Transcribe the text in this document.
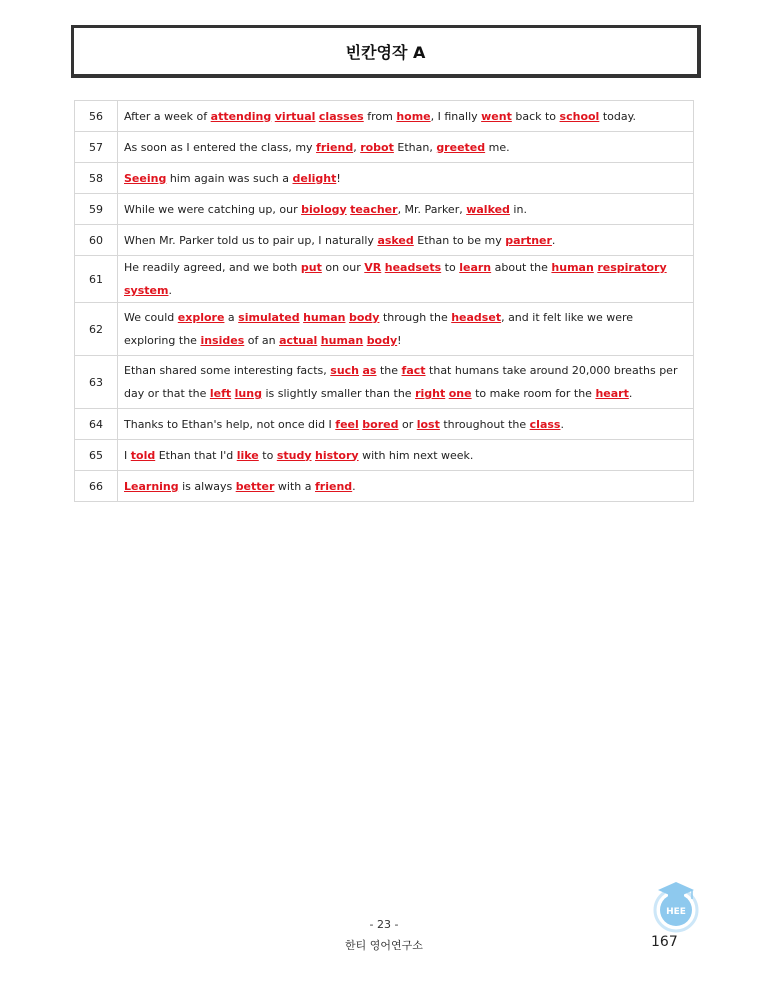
빈칸영작 A
56	After a week of attending virtual classes from home, I finally went back to school today.
57	As soon as I entered the class, my friend, robot Ethan, greeted me.
58	Seeing him again was such a delight!
59	While we were catching up, our biology teacher, Mr. Parker, walked in.
60	When Mr. Parker told us to pair up, I naturally asked Ethan to be my partner.
61	He readily agreed, and we both put on our VR headsets to learn about the human respiratory system.
62	We could explore a simulated human body through the headset, and it felt like we were exploring the insides of an actual human body!
63	Ethan shared some interesting facts, such as the fact that humans take around 20,000 breaths per day or that the left lung is slightly smaller than the right one to make room for the heart.
64	Thanks to Ethan's help, not once did I feel bored or lost throughout the class.
65	I told Ethan that I'd like to study history with him next week.
66	Learning is always better with a friend.
- 23 -
한티 영어연구소	167
HEE
